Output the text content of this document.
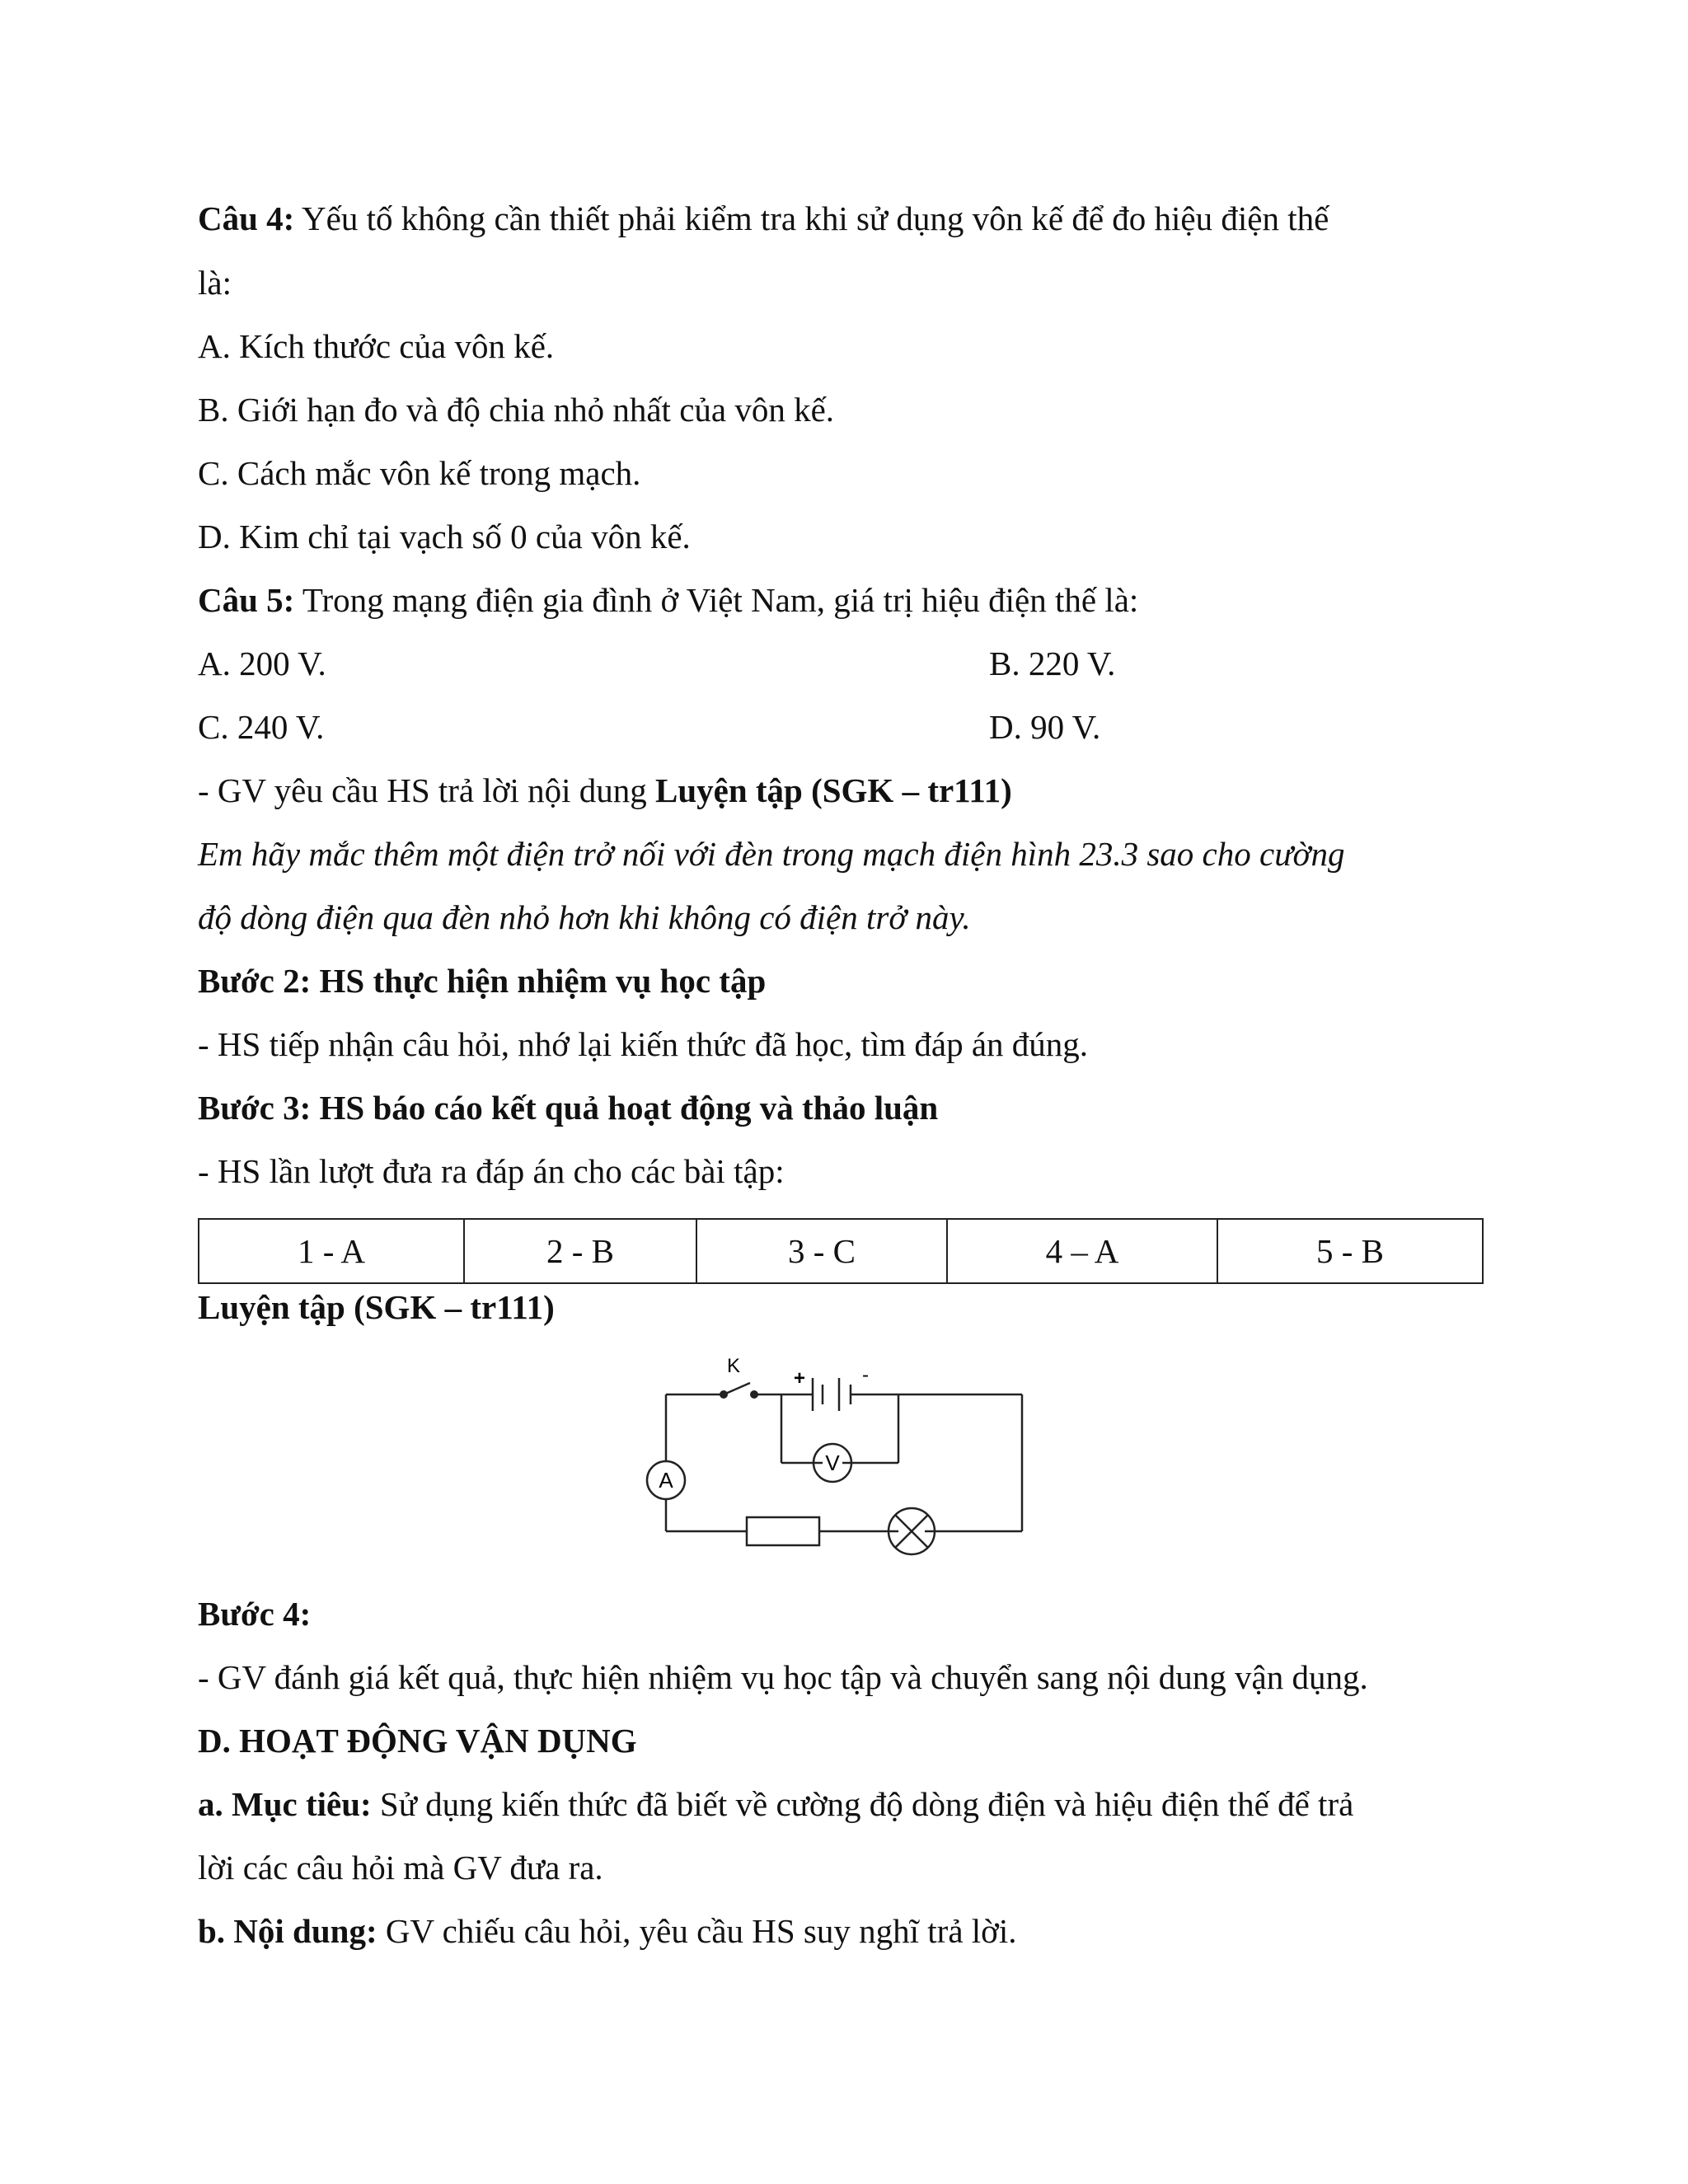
Câu 4: Yếu tố không cần thiết phải kiểm tra khi sử dụng vôn kế để đo hiệu điện thế
là:
A. Kích thước của vôn kế.
B. Giới hạn đo và độ chia nhỏ nhất của vôn kế.
C. Cách mắc vôn kế trong mạch.
D. Kim chỉ tại vạch số 0 của vôn kế.
Câu 5: Trong mạng điện gia đình ở Việt Nam, giá trị hiệu điện thế là:
A. 200 V.	B. 220 V.
C. 240 V.	D. 90 V.
- GV yêu cầu HS trả lời nội dung Luyện tập (SGK – tr111)
Em hãy mắc thêm một điện trở nối với đèn trong mạch điện hình 23.3 sao cho cường
độ dòng điện qua đèn nhỏ hơn khi không có điện trở này.
Bước 2: HS thực hiện nhiệm vụ học tập
- HS tiếp nhận câu hỏi, nhớ lại kiến thức đã học, tìm đáp án đúng.
Bước 3: HS báo cáo kết quả hoạt động và thảo luận
- HS lần lượt đưa ra đáp án cho các bài tập:
1 - A	2 - B	3 - C	4 – A	5 - B
Luyện tập (SGK – tr111)
K
+	-
V
A
Bước 4:
- GV đánh giá kết quả, thực hiện nhiệm vụ học tập và chuyển sang nội dung vận dụng.
D. HOẠT ĐỘNG VẬN DỤNG
a. Mục tiêu: Sử dụng kiến thức đã biết về cường độ dòng điện và hiệu điện thế để trả
lời các câu hỏi mà GV đưa ra.
b. Nội dung: GV chiếu câu hỏi, yêu cầu HS suy nghĩ trả lời.
